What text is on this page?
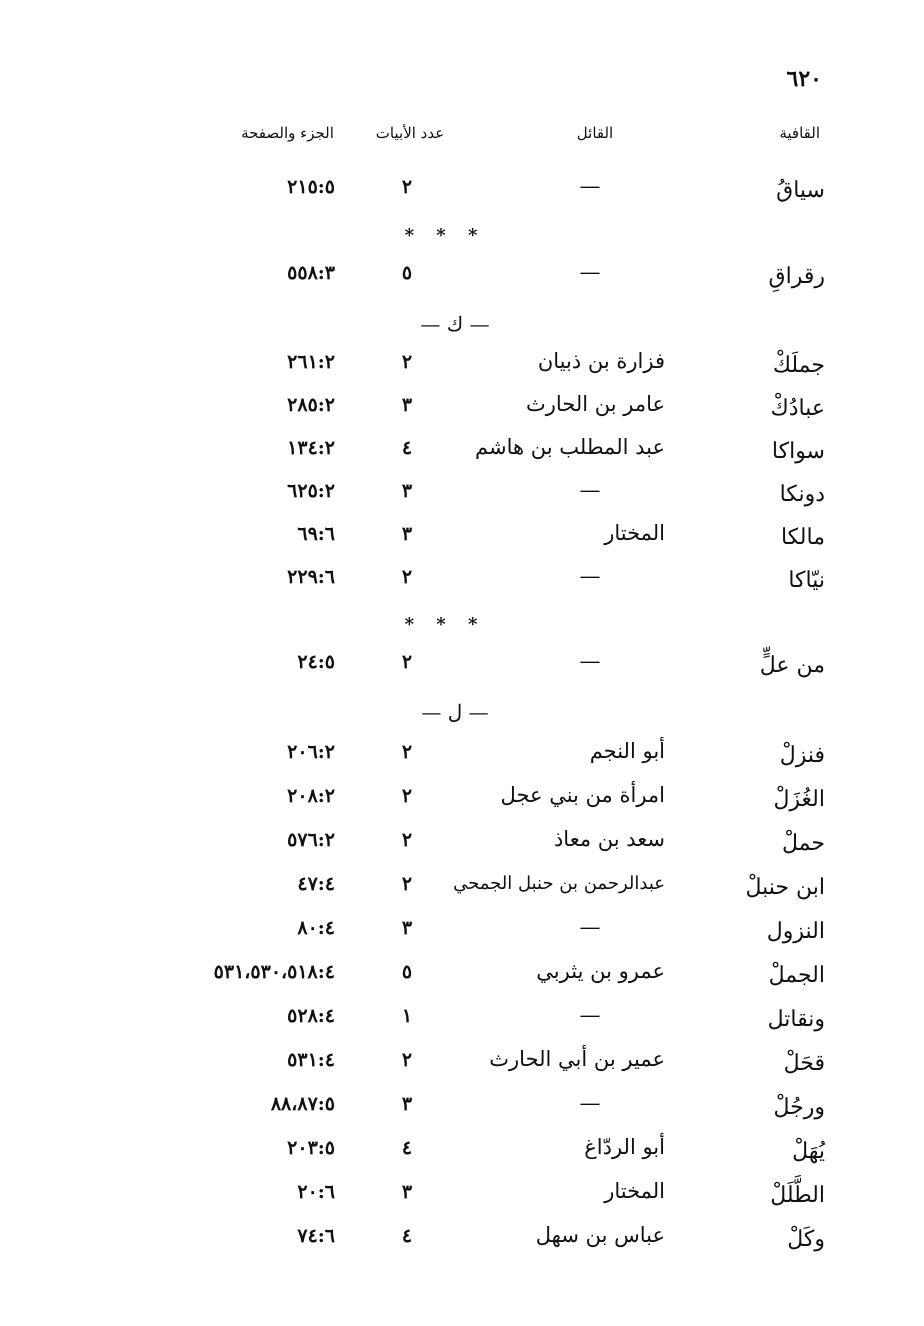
٦٢٠
القافية
القائل
عدد الأبيات
الجزء والصفحة
سياقُ
—
٢
٢١٥:٥
* * *
رقراقِ
—
٥
٥٥٨:٣
— ك —
جملَكْ
فزارة بن ذبيان
٢
٢٦١:٢
عبادُكْ
عامر بن الحارث
٣
٢٨٥:٢
سواكا
عبد المطلب بن هاشم
٤
١٣٤:٢
دونكا
—
٣
٦٢٥:٢
مالكا
المختار
٣
٦٩:٦
نيّاكا
—
٢
٢٢٩:٦
* * *
من علٍّ
—
٢
٢٤:٥
— ل —
فنزلْ
أبو النجم
٢
٢٠٦:٢
الغُزَلْ
امرأة من بني عجل
٢
٢٠٨:٢
حملْ
سعد بن معاذ
٢
٥٧٦:٢
ابن حنبلْ
عبدالرحمن بن حنبل الجمحي
٢
٤٧:٤
النزول
—
٣
٨٠:٤
الجملْ
عمرو بن يثربي
٥
٥٣١،٥٣٠،٥١٨:٤
ونقاتل
—
١
٥٢٨:٤
قحَلْ
عمير بن أبي الحارث
٢
٥٣١:٤
ورجُلْ
—
٣
٨٨،٨٧:٥
يُهَلْ
أبو الردّاغ
٤
٢٠٣:٥
الطَّلَلْ
المختار
٣
٢٠:٦
وكَلْ
عباس بن سهل
٤
٧٤:٦
